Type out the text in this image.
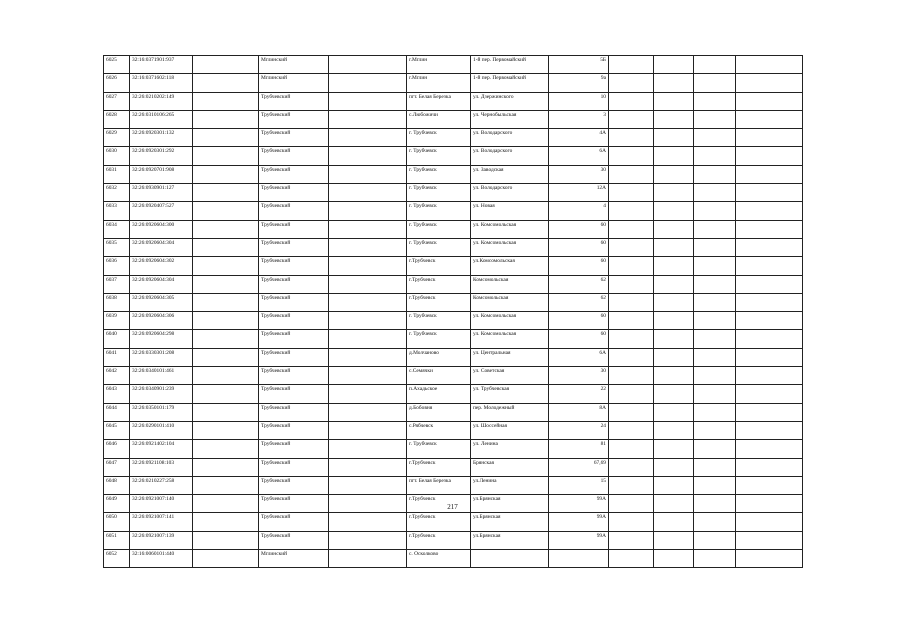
6025	32:16:0371901:937		Мглинский		г.Мглин	1-й пер. Первомайский	5Б				
6026	32:16:0371602:118		Мглинский		г.Мглин	1-й пер. Первомайский	9а				
6027	32:26:0210202:149		Трубчевский		пгт. Белая Березка	ул. Дзержинского	10				
6028	32:26:0310106:265		Трубчевский		с.Любожичи	ул. Чернобыльская	3				
6029	32:26:0920301:132		Трубчевский		г. Трубчевск	ул. Володарского	4А				
6030	32:26:0920301:292		Трубчевский		г. Трубчевск	ул. Володарского	6А				
6031	32:26:0920701:908		Трубчевский		г. Трубчевск	ул. Заводская	30				
6032	32:26:0930901:127		Трубчевский		г. Трубчевск	ул. Володарского	12А				
6033	32:26:0920407:527		Трубчевский		г. Трубчевск	ул. Новая	4				
6034	32:26:0920604:300		Трубчевский		г. Трубчевск	ул. Комсомольская	60				
6035	32:26:0920604:304		Трубчевский		г. Трубчевск	ул. Комсомольская	60				
6036	32:26:0920604:302		Трубчевский		г.Трубчевск	ул.Комсомольская	60				
6037	32:26:0920604:304		Трубчевский		г.Трубчевск	Комсомольская	62				
6038	32:26:0920604:305		Трубчевский		г.Трубчевск	Комсомольская	62				
6039	32:26:0920604:306		Трубчевский		г. Трубчевск	ул. Комсомольская	60				
6040	32:26:0920604:298		Трубчевский		г. Трубчевск	ул. Комсомольская	60				
6041	32:26:0330301:208		Трубчевский		д.Молчаново	ул. Центральная	6А				
6042	32:26:0340101:461		Трубчевский		с.Семячки	ул. Советская	30				
6043	32:26:0340901:239		Трубчевский		п.Ахадьское	ул. Трубчевская	22				
6044	32:26:0350101:179		Трубчевский		д.Бобовня	пер. Молодежный	8А				
6045	32:26:0290101:410		Трубчевский		с.Рябчевск	ул. Шоссейная	24				
6046	32:26:0921402:104		Трубчевский		г. Трубчевск	ул. Ленина	81				
6047	32:26:0921108:103		Трубчевский		г.Трубчевск	Брянская	67,69				
6048	32:26:0210227:258		Трубчевский		пгт. Белая Березка	ул.Ленина	15				
6049	32:26:0921007:140		Трубчевский		г.Трубчевск	ул.Брянская	99А				
6050	32:26:0921007:141		Трубчевский		г.Трубчевск	ул.Брянская	99А				
6051	32:26:0921007:139		Трубчевский		г.Трубчевск	ул.Брянская	99А				
6052	32:16:0060101:440		Мглинский		с. Осколково						
217
